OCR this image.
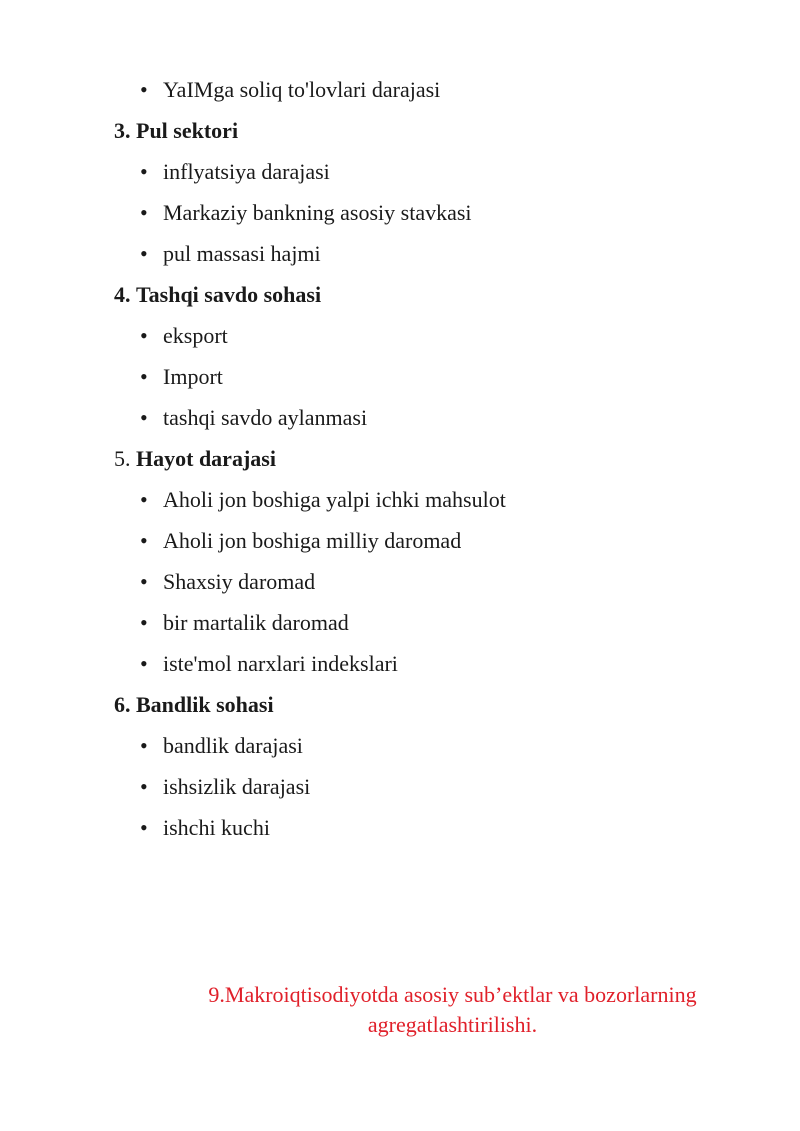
• YaIMga soliq to'lovlari darajasi
3. Pul sektori
• inflyatsiya darajasi
• Markaziy bankning asosiy stavkasi
• pul massasi hajmi
4. Tashqi savdo sohasi
• eksport
• Import
• tashqi savdo aylanmasi
5. Hayot darajasi
• Aholi jon boshiga yalpi ichki mahsulot
• Aholi jon boshiga milliy daromad
• Shaxsiy daromad
• bir martalik daromad
• iste'mol narxlari indekslari
6. Bandlik sohasi
• bandlik darajasi
• ishsizlik darajasi
• ishchi kuchi
9.Makroiqtisodiyotda asosiy sub’ektlar va bozorlarning
agregatlashtirilishi.
